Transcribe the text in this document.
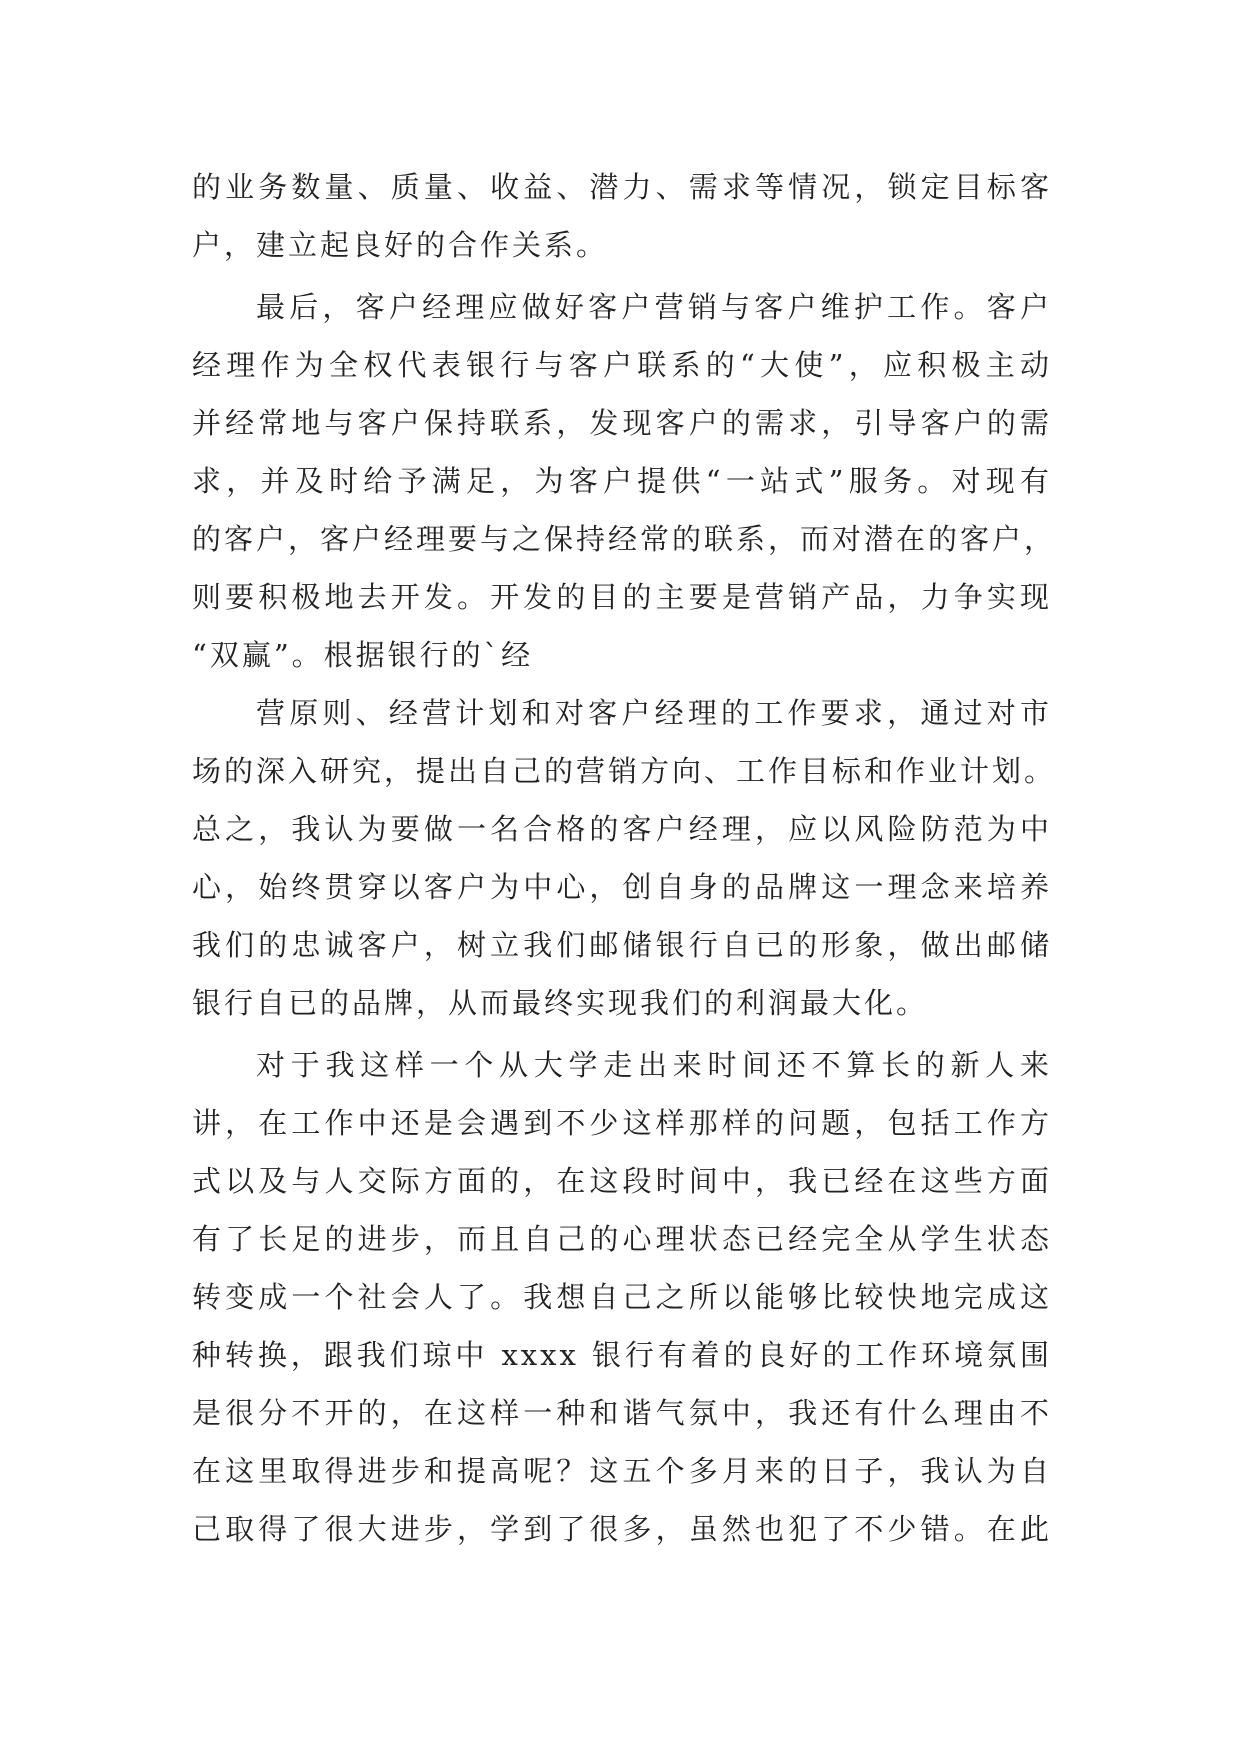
的业务数量、质量、收益、潜力、需求等情况，锁定目标客
户，建立起良好的合作关系。
最后，客户经理应做好客户营销与客户维护工作。客户
经理作为全权代表银行与客户联系的“大使”，应积极主动
并经常地与客户保持联系，发现客户的需求，引导客户的需
求，并及时给予满足，为客户提供“一站式”服务。对现有
的客户，客户经理要与之保持经常的联系，而对潜在的客户，
则要积极地去开发。开发的目的主要是营销产品，力争实现
“双赢”。根据银行的`经
营原则、经营计划和对客户经理的工作要求，通过对市
场的深入研究，提出自己的营销方向、工作目标和作业计划。
总之，我认为要做一名合格的客户经理，应以风险防范为中
心，始终贯穿以客户为中心，创自身的品牌这一理念来培养
我们的忠诚客户，树立我们邮储银行自已的形象，做出邮储
银行自已的品牌，从而最终实现我们的利润最大化。
对于我这样一个从大学走出来时间还不算长的新人来
讲，在工作中还是会遇到不少这样那样的问题，包括工作方
式以及与人交际方面的，在这段时间中，我已经在这些方面
有了长足的进步，而且自己的心理状态已经完全从学生状态
转变成一个社会人了。我想自己之所以能够比较快地完成这
种转换，跟我们琼中 xxxx 银行有着的良好的工作环境氛围
是很分不开的，在这样一种和谐气氛中，我还有什么理由不
在这里取得进步和提高呢？这五个多月来的日子，我认为自
己取得了很大进步，学到了很多，虽然也犯了不少错。在此
